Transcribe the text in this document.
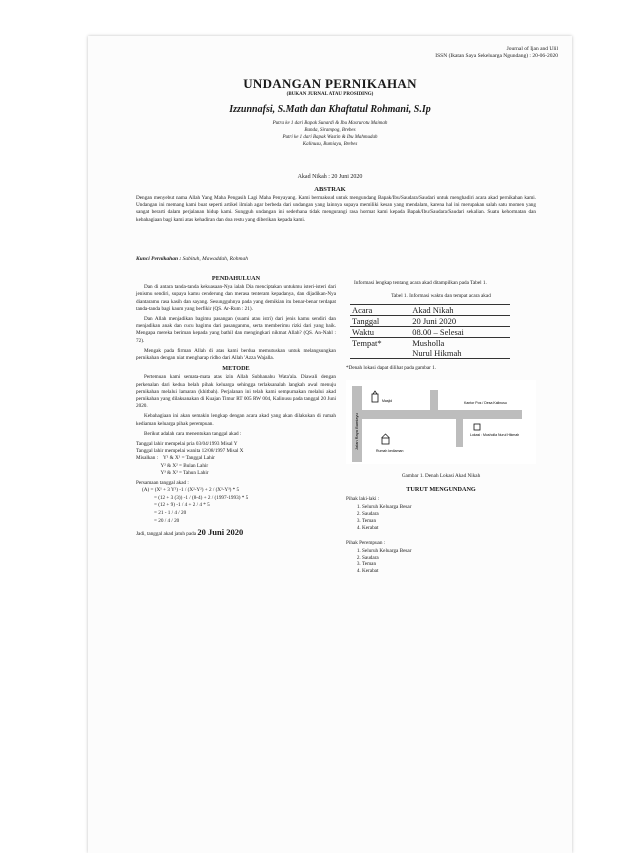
Journal of Ijan and Ulil
ISSN (Ikatan Saya Sekeluarga Ngundang) : 20-06-2020
UNDANGAN PERNIKAHAN
(BUKAN JURNAL ATAU PROSIDING)
Izzunnafsi, S.Math dan Khaftatul Rohmani, S.Ip
Putra ke 1 dari Bapak Sunardi & Ibu Masrurotu Maimah
Banda, Sirampog, Brebes
Putri ke 1 dari Bapak Wastin & Ibu Mahmudah
Kalinusu, Bumiayu, Brebes
Akad Nikah : 20 Juni 2020
ABSTRAK
Dengan menyebut nama Allah Yang Maha Pengasih Lagi Maha Penyayang. Kami bermaksud untuk mengundang Bapak/Ibu/Saudara/Saudari untuk menghadiri acara akad pernikahan kami. Undangan ini memang kami buat seperti artikel ilmiah agar berbeda dari undangan yang lainnya supaya memiliki kesan yang mendalam, karena hal ini merupakan salah satu momen yang sangat berarti dalam perjalanan hidup kami. Sungguh undangan ini sederhana tidak mengurangi rasa hormat kami kepada Bapak/Ibu/Saudara/Saudari sekalian. Suatu kehormatan dan kebahagiaan bagi kami atas kehadiran dan doa restu yang diberikan kepada kami.
Kunci Pernikahan : Sabituh, Mawaddah, Rohmah
PENDAHULUAN

Dan di antara tanda-tanda kekuasaan-Nya ialah Dia menciptakan untukmu isteri-isteri dari jenismu sendiri, supaya kamu cenderung dan merasa tenteram kepadanya, dan dijadikan-Nya diantaramu rasa kasih dan sayang. Sesungguhnya pada yang demikian itu benar-benar terdapat tanda-tanda bagi kaum yang berfikir (QS. Ar-Rum : 21).

Dan Allah menjadikan bagimu pasangan (suami atau istri) dari jenis kamu sendiri dan menjadikan anak dan cucu bagimu dari pasanganmu, serta memberimu rizki dari yang baik. Mengapa mereka beriman kepada yang bathil dan mengingkari nikmat Allah? (QS. An-Nahl : 72).

Mengak pada firman Allah di atas kami berdua memutuskan untuk melangsungkan pernikahan dengan niat mengharap ridho dari Allah 'Azza Wajalla.

METODE

Pertemuan kami semata-mata atas izin Allah Subhanahu Wata'ala. Diawali dengan perkenalan dari kedua belah pihak keluarga sehingga terlaksanalah langkah awal menuju pernikahan melalui lamaran (khitbah). Perjalanan ini telah kami sempurnakan melalui akad pernikahan yang dilaksanakan di Kuajan Timur RT 005 RW 004, Kalinusu pada tanggal 20 Juni 2020.

Kebahagiaan ini akan semakin lengkap dengan acara akad yang akan dilakukan di rumah kediaman keluarga pihak perempuan.

Berikut adalah cara menentukan tanggal akad :

Tanggal lahir mempelai pria 03/04/1993 Misal Y
Tanggal lahir mempelai wanita 12/08/1997 Misal X
Misalkan :    Y¹ & X¹ = Tanggal Lahir
Y² & X² = Bulan Lahir
Y³ & X³ = Tahun Lahir
Persamaan tanggal akad :
(A) = (X¹ + 3 Y¹) -1 / (X²-Y²) + 2 / (X³-Y³) * 5
= (12 + 3 (3)) -1 / (8-4) + 2 / (1997-1993) * 5
= (12 + 9) -1 / 4 + 2 / 4 * 5
= 21 - 1 / 4 / 20
= 20 / 4 / 20
Jadi, tanggal akad jatuh pada 20 Juni 2020

Informasi lengkap tentang acara akad ditampilkan pada Tabel 1.

Tabel 1. Informasi waktu dan tempat acara akad
Acara	Akad Nikah
Tanggal	20 Juni 2020
Waktu	08.00 – Selesai
Tempat*	Musholla
Nurul Hikmah

*Denah lokasi dapat dilihat pada gambar 1.

Jalan Raya Bumiayu
Masjid	Kantor Pos / Desa Kalinusu
Lokasi : Musholla Nurul Hikmah
Rumah kediaman
Gambar 1. Denah Lokasi Akad Nikah
TURUT MENGUNDANG
Pihak laki-laki :
1. Seluruh Keluarga Besar
2. Saudara
3. Teman
4. Kerabat
Pihak Perempuan :
1. Seluruh Keluarga Besar
2. Saudara
3. Teman
4. Kerabat
